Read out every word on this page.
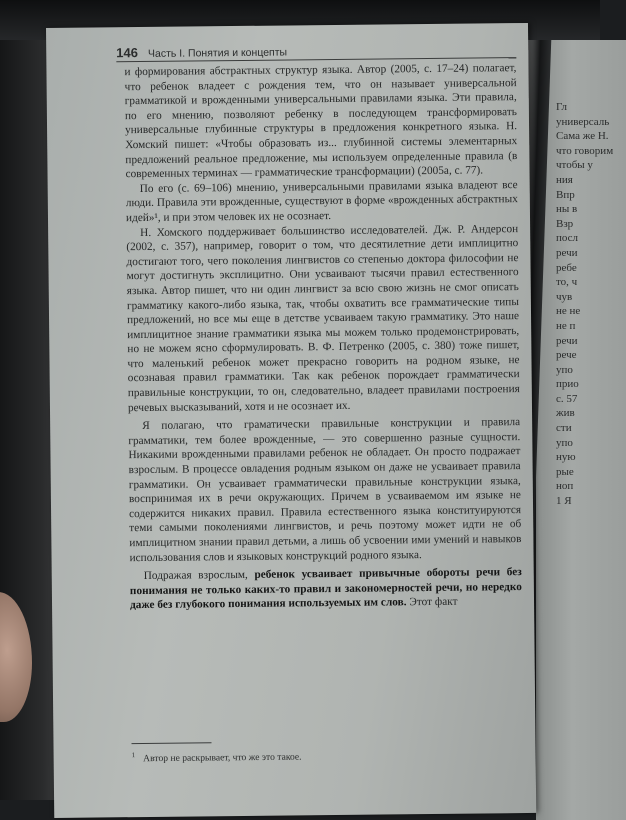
Гл
универсаль
Сама же Н.
что говорим
чтобы у
ния
Впр
ны в
Взр
посл
речи
ребе
то, ч
чув
не не
не п
речи
рече
упо
прио
с. 57
жив
сти
упо
ную
рые
ноп
1 Я
146 Часть I. Понятия и концепты

и формирования абстрактных структур языка. Автор (2005, с. 17–24) полагает, что ребенок владеет с рождения тем, что он называет универсальной грамматикой и врожденными универсальными правилами языка. Эти правила, по его мнению, позволяют ребенку в последующем трансформировать универсальные глубинные структуры в предложения конкретного языка. Н. Хомский пишет: «Чтобы образовать из... глубинной системы элементарных предложений реальное предложение, мы используем определенные правила (в современных терминах — грамматические трансформации) (2005а, с. 77).

По его (с. 69–106) мнению, универсальными правилами языка владеют все люди. Правила эти врожденные, существуют в форме «врожденных абстрактных идей»¹, и при этом человек их не осознает.

Н. Хомского поддерживает большинство исследователей. Дж. Р. Андерсон (2002, с. 357), например, говорит о том, что десятилетние дети имплицитно достигают того, чего поколения лингвистов со степенью доктора философии не могут достигнуть эксплицитно. Они усваивают тысячи правил естественного языка. Автор пишет, что ни один лингвист за всю свою жизнь не смог описать грамматику какого-либо языка, так, чтобы охватить все грамматические типы предложений, но все мы еще в детстве усваиваем такую грамматику. Это наше имплицитное знание грамматики языка мы можем только продемонстрировать, но не можем ясно сформулировать. В. Ф. Петренко (2005, с. 380) тоже пишет, что маленький ребенок может прекрасно говорить на родном языке, не осознавая правил грамматики. Так как ребенок порождает грамматически правильные конструкции, то он, следовательно, владеет правилами построения речевых высказываний, хотя и не осознает их.

Я полагаю, что граматически правильные конструкции и правила грамматики, тем более врожденные, — это совершенно разные сущности. Никакими врожденными правилами ребенок не обладает. Он просто подражает взрослым. В процессе овладения родным языком он даже не усваивает правила грамматики. Он усваивает грамматически правильные конструкции языка, воспринимая их в речи окружающих. Причем в усваиваемом им языке не содержится никаких правил. Правила естественного языка конституируются теми самыми поколениями лингвистов, и речь поэтому может идти не об имплицитном знании правил детьми, а лишь об усвоении ими умений и навыков использования слов и языковых конструкций родного языка.

Подражая взрослым, ребенок усваивает привычные обороты речи без понимания не только каких-то правил и закономерностей речи, но нередко даже без глубокого понимания используемых им слов. Этот факт

$^1$ Автор не раскрывает, что же это такое.
